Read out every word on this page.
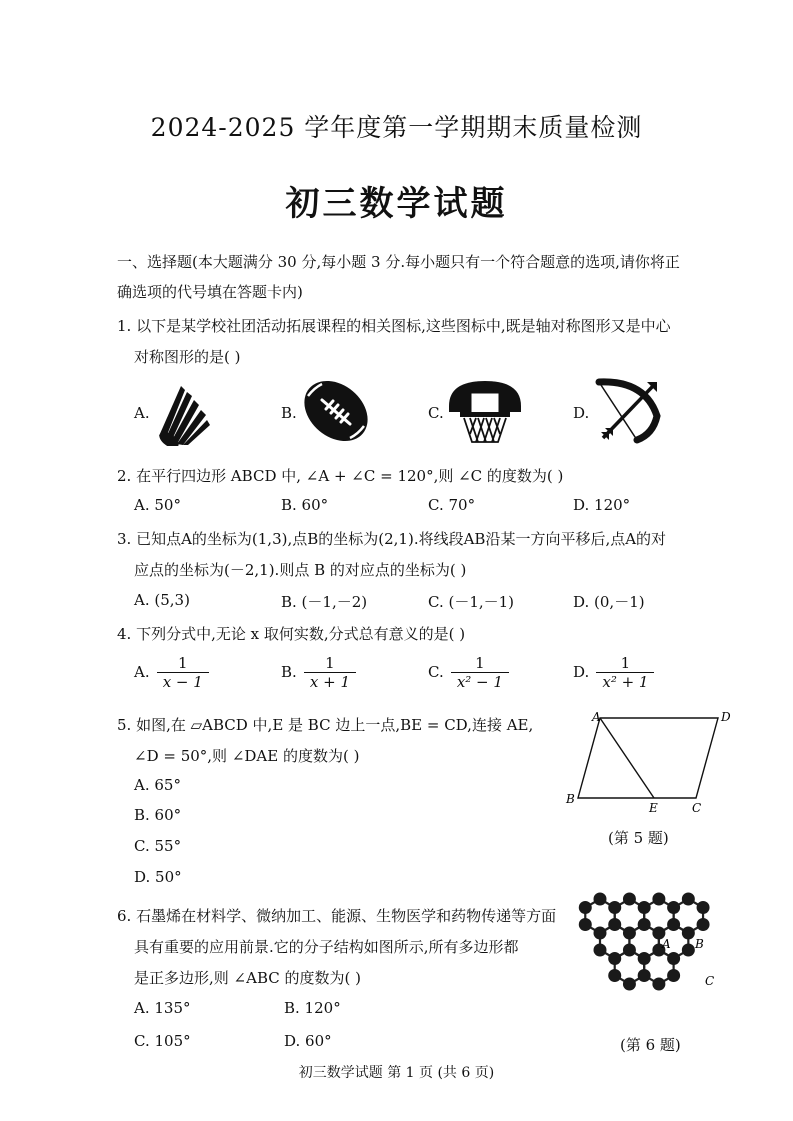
2024-2025 学年度第一学期期末质量检测
初三数学试题
一、选择题(本大题满分 30 分,每小题 3 分.每小题只有一个符合题意的选项,请你将正
确选项的代号填在答题卡内)
1. 以下是某学校社团活动拓展课程的相关图标,这些图标中,既是轴对称图形又是中心
对称图形的是( )
A.	B.	C.	D.
2. 在平行四边形 ABCD 中, ∠A + ∠C = 120°,则 ∠C 的度数为( )
A. 50°	B. 60°	C. 70°	D. 120°
3. 已知点A的坐标为(1,3),点B的坐标为(2,1).将线段AB沿某一方向平移后,点A的对
应点的坐标为(－2,1).则点 B 的对应点的坐标为( )
A. (5,3)	B. (－1,－2)	C. (－1,－1)	D. (0,－1)
4. 下列分式中,无论 x 取何实数,分式总有意义的是( )
A. $\frac{1}{x - 1}$	B. $\frac{1}{x + 1}$	C. $\frac{1}{\text{x² − 1}}$	D. $\frac{1}{\text{x² + 1}}$
5. 如图,在 ▱ABCD 中,E 是 BC 边上一点,BE = CD,连接 AE,
∠D = 50°,则 ∠DAE 的度数为( )
A. 65°
B. 60°
C. 55°
D. 50°
A	D
B
E	C
(第 5 题)
6. 石墨烯在材料学、微纳加工、能源、生物医学和药物传递等方面
具有重要的应用前景.它的分子结构如图所示,所有多边形都
是正多边形,则 ∠ABC 的度数为( )
A. 135°	B. 120°
C. 105°	D. 60°
A B
C
(第 6 题)
初三数学试题 第 1 页 (共 6 页)
